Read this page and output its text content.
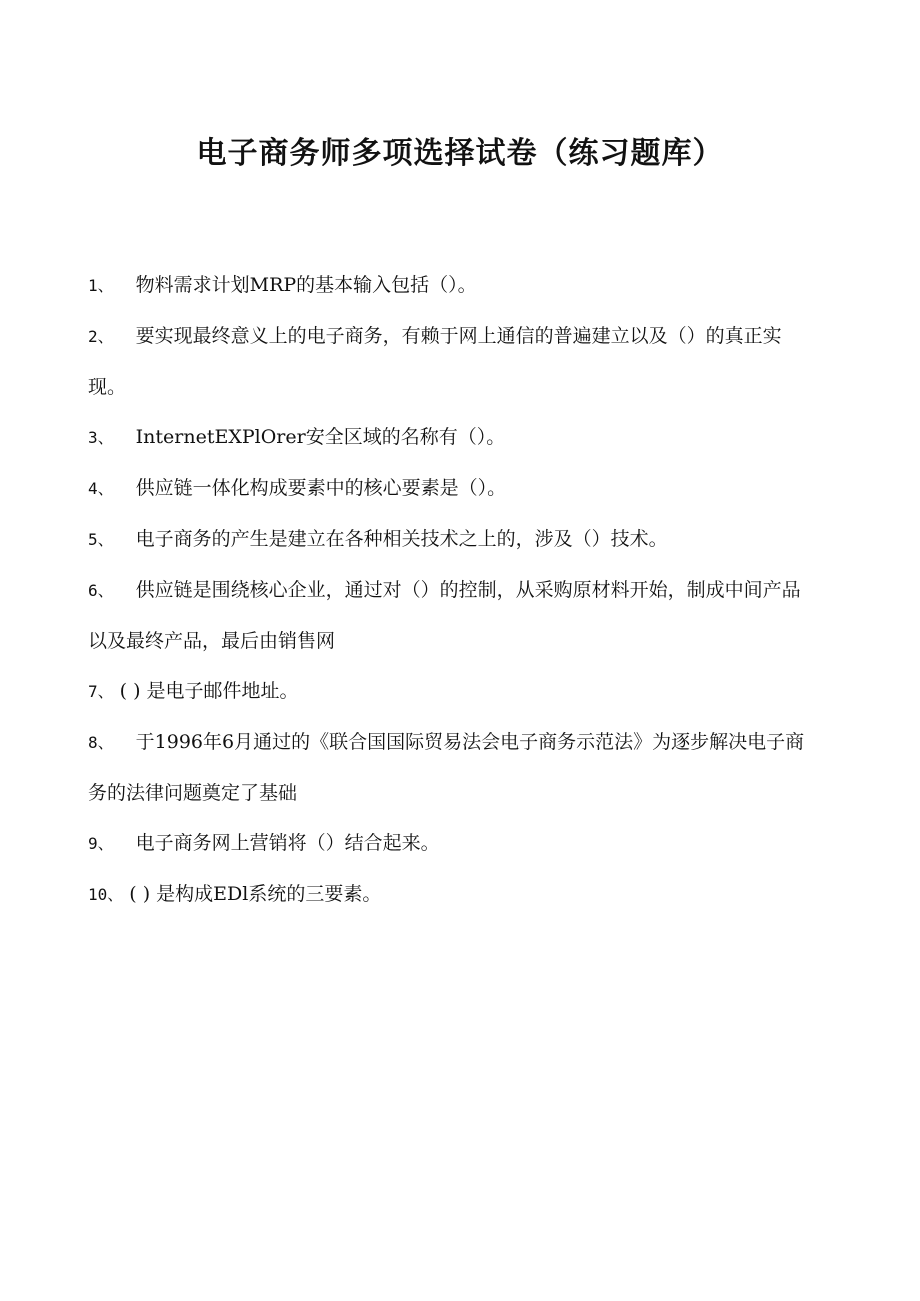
电子商务师多项选择试卷（练习题库）

1、 物料需求计划MRP的基本输入包括（）。

2、 要实现最终意义上的电子商务，有赖于网上通信的普遍建立以及（）的真正实现。

3、 InternetEXPlOrer安全区域的名称有（）。

4、 供应链一体化构成要素中的核心要素是（）。

5、 电子商务的产生是建立在各种相关技术之上的，涉及（）技术。

6、 供应链是围绕核心企业，通过对（）的控制，从采购原材料开始，制成中间产品以及最终产品，最后由销售网

7、 ( ) 是电子邮件地址。

8、 于1996年6月通过的《联合国国际贸易法会电子商务示范法》为逐步解决电子商务的法律问题奠定了基础

9、 电子商务网上营销将（）结合起来。

10、 ( ) 是构成EDl系统的三要素。
